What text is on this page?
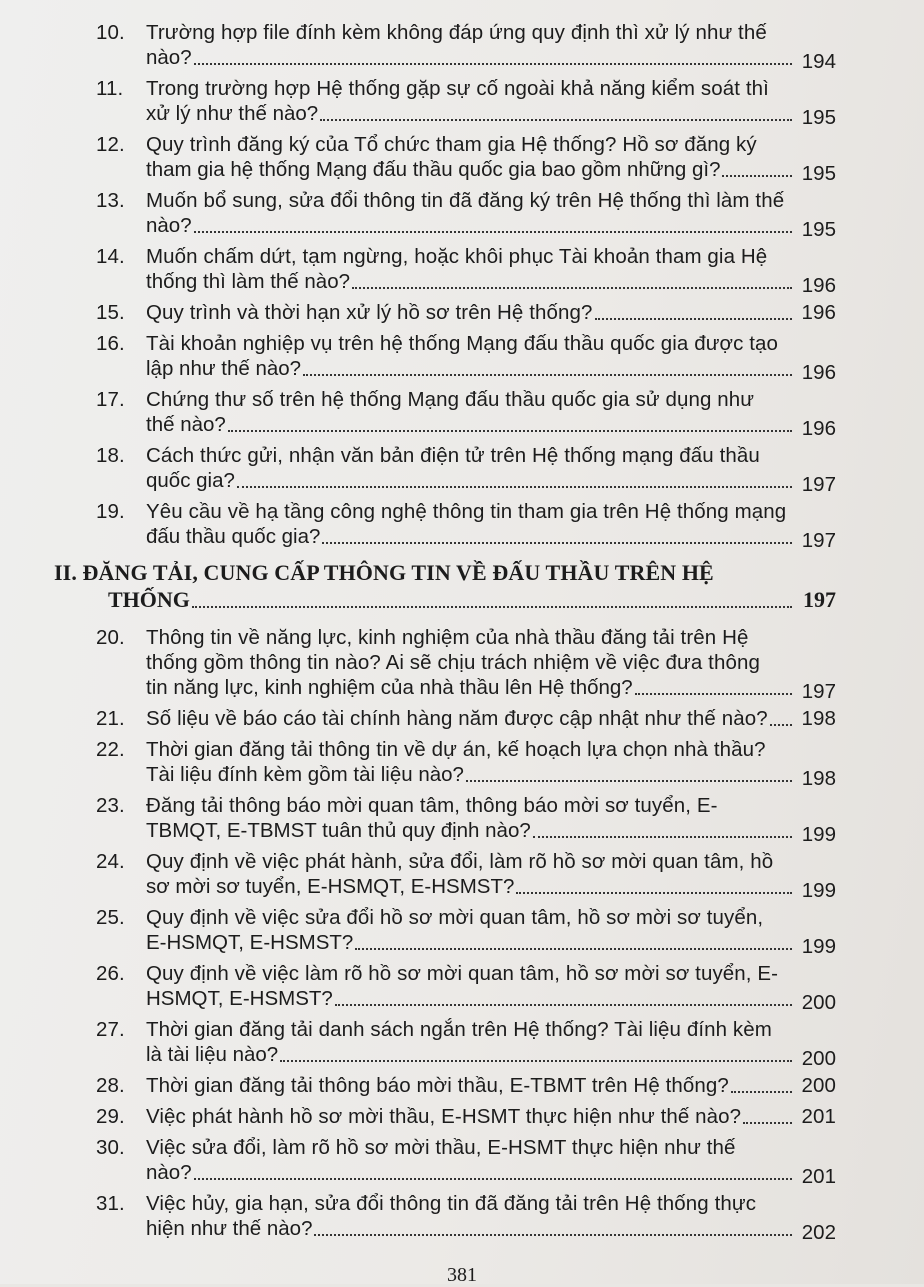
10.	Trường hợp file đính kèm không đáp ứng quy định thì xử lý như thế
nào?	194
11.	Trong trường hợp Hệ thống gặp sự cố ngoài khả năng kiểm soát thì
xử lý như thế nào?	195
12.	Quy trình đăng ký của Tổ chức tham gia Hệ thống? Hồ sơ đăng ký
tham gia hệ thống Mạng đấu thầu quốc gia bao gồm những gì?	195
13.	Muốn bổ sung, sửa đổi thông tin đã đăng ký trên Hệ thống thì làm thế
nào?	195
14.	Muốn chấm dứt, tạm ngừng, hoặc khôi phục Tài khoản tham gia Hệ
thống thì làm thế nào?	196
15.	Quy trình và thời hạn xử lý hồ sơ trên Hệ thống?	196
16.	Tài khoản nghiệp vụ trên hệ thống Mạng đấu thầu quốc gia được tạo
lập như thế nào?	196
17.	Chứng thư số trên hệ thống Mạng đấu thầu quốc gia sử dụng như
thế nào?	196
18.	Cách thức gửi, nhận văn bản điện tử trên Hệ thống mạng đấu thầu
quốc gia?	197
19.	Yêu cầu về hạ tầng công nghệ thông tin tham gia trên Hệ thống mạng
đấu thầu quốc gia?	197
II. ĐĂNG TẢI, CUNG CẤP THÔNG TIN VỀ ĐẤU THẦU TRÊN HỆ
THỐNG	197
20.	Thông tin về năng lực, kinh nghiệm của nhà thầu đăng tải trên Hệ
thống gồm thông tin nào? Ai sẽ chịu trách nhiệm về việc đưa thông
tin năng lực, kinh nghiệm của nhà thầu lên Hệ thống?	197
21.	Số liệu về báo cáo tài chính hàng năm được cập nhật như thế nào?	198
22.	Thời gian đăng tải thông tin về dự án, kế hoạch lựa chọn nhà thầu?
Tài liệu đính kèm gồm tài liệu nào?	198
23.	Đăng tải thông báo mời quan tâm, thông báo mời sơ tuyển, E-
TBMQT, E-TBMST tuân thủ quy định nào?	199
24.	Quy định về việc phát hành, sửa đổi, làm rõ hồ sơ mời quan tâm, hồ
sơ mời sơ tuyển, E-HSMQT, E-HSMST?	199
25.	Quy định về việc sửa đổi hồ sơ mời quan tâm, hồ sơ mời sơ tuyển,
E-HSMQT, E-HSMST?	199
26.	Quy định về việc làm rõ hồ sơ mời quan tâm, hồ sơ mời sơ tuyển, E-
HSMQT, E-HSMST?	200
27.	Thời gian đăng tải danh sách ngắn trên Hệ thống? Tài liệu đính kèm
là tài liệu nào?	200
28.	Thời gian đăng tải thông báo mời thầu, E-TBMT trên Hệ thống?	200
29.	Việc phát hành hồ sơ mời thầu, E-HSMT thực hiện như thế nào?	201
30.	Việc sửa đổi, làm rõ hồ sơ mời thầu, E-HSMT thực hiện như thế
nào?	201
31.	Việc hủy, gia hạn, sửa đổi thông tin đã đăng tải trên Hệ thống thực
hiện như thế nào?	202
381
